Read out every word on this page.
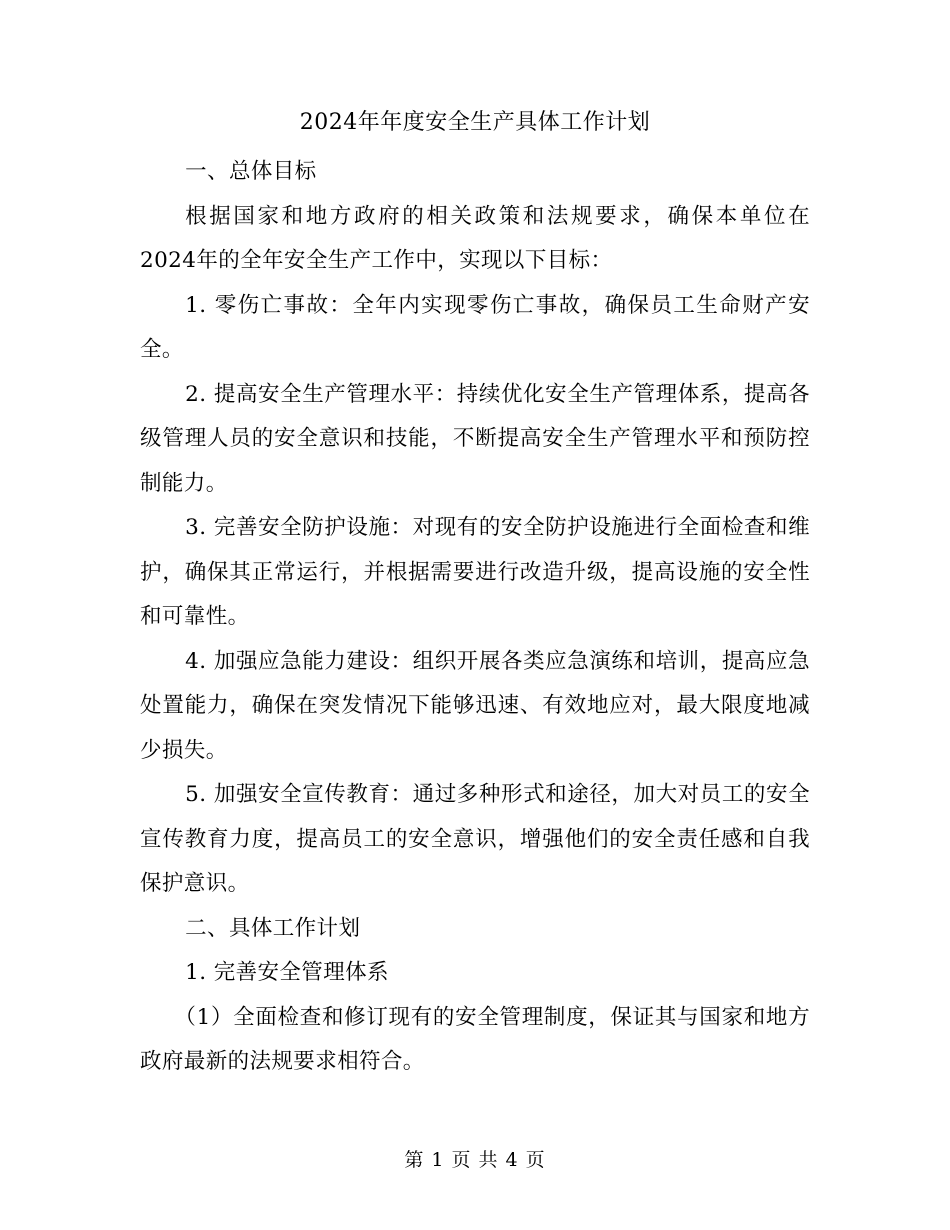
2024年年度安全生产具体工作计划

一、总体目标

根据国家和地方政府的相关政策和法规要求，确保本单位在2024年的全年安全生产工作中，实现以下目标：

1. 零伤亡事故：全年内实现零伤亡事故，确保员工生命财产安全。

2. 提高安全生产管理水平：持续优化安全生产管理体系，提高各级管理人员的安全意识和技能，不断提高安全生产管理水平和预防控制能力。

3. 完善安全防护设施：对现有的安全防护设施进行全面检查和维护，确保其正常运行，并根据需要进行改造升级，提高设施的安全性和可靠性。

4. 加强应急能力建设：组织开展各类应急演练和培训，提高应急处置能力，确保在突发情况下能够迅速、有效地应对，最大限度地减少损失。

5. 加强安全宣传教育：通过多种形式和途径，加大对员工的安全宣传教育力度，提高员工的安全意识，增强他们的安全责任感和自我保护意识。

二、具体工作计划

1. 完善安全管理体系

（1）全面检查和修订现有的安全管理制度，保证其与国家和地方政府最新的法规要求相符合。

第 1 页 共 4 页
